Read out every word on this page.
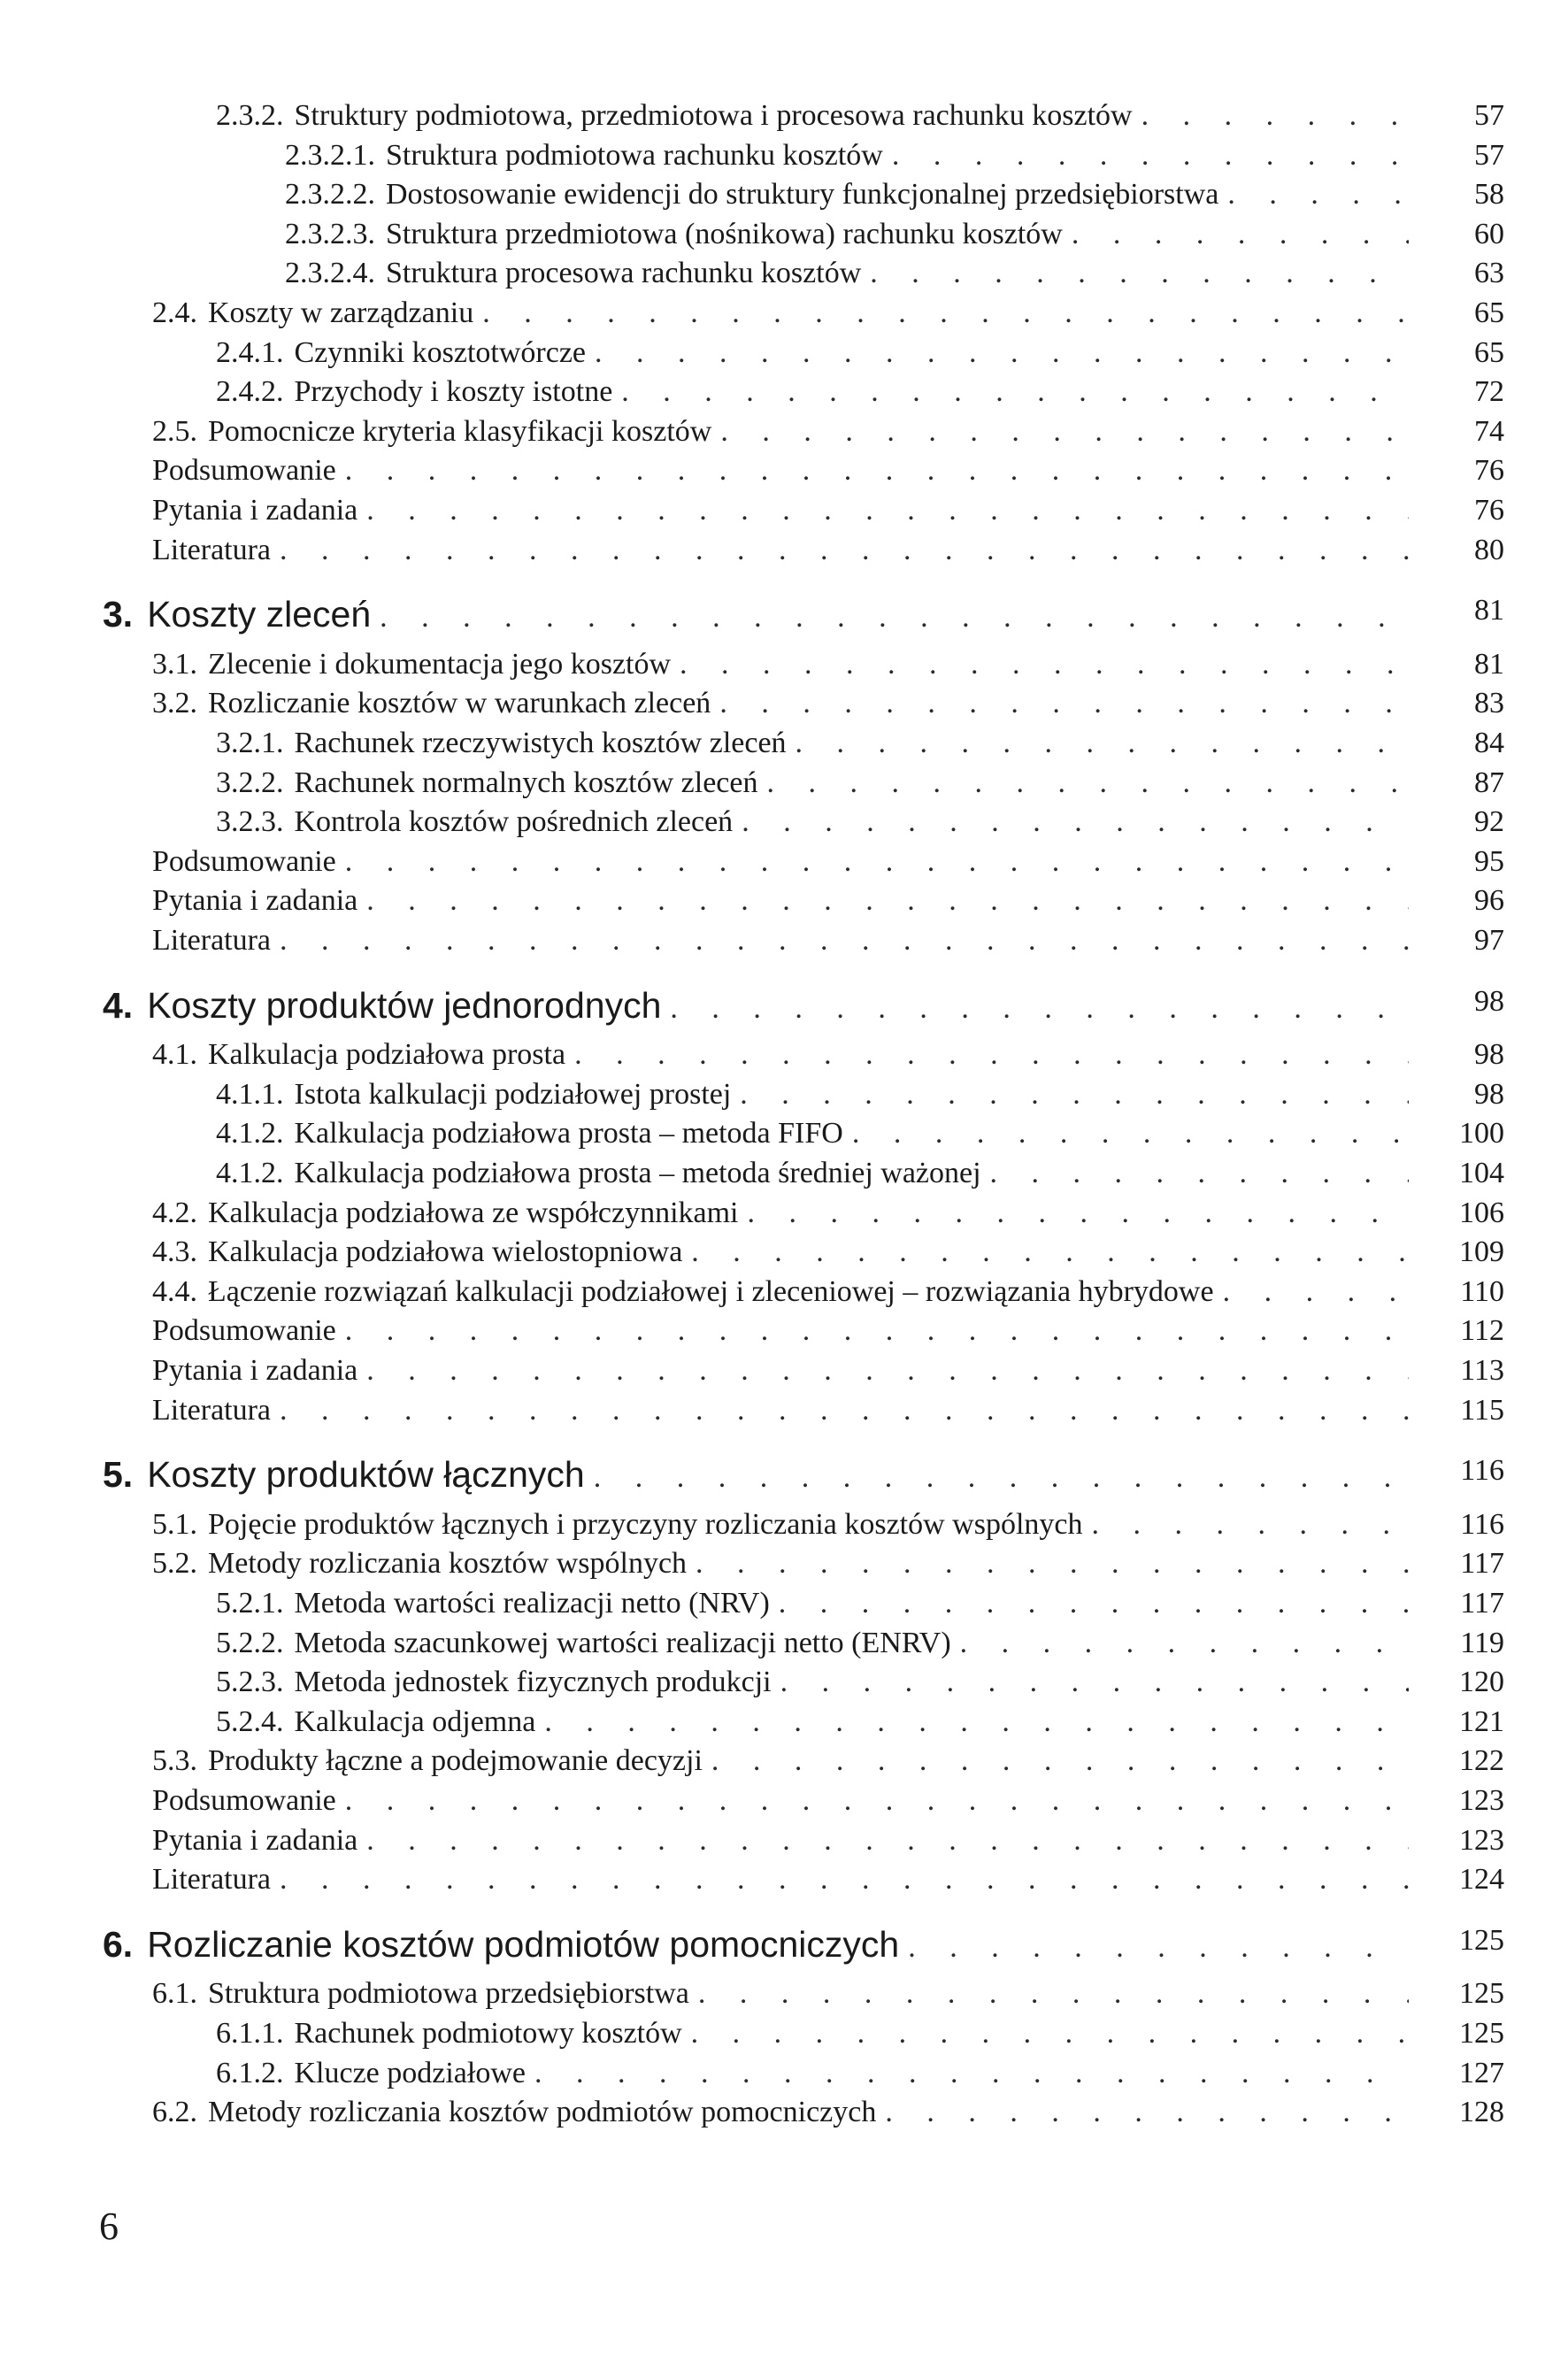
2.3.2. Struktury podmiotowa, przedmiotowa i procesowa rachunku kosztów . . .	57
2.3.2.1. Struktura podmiotowa rachunku kosztów . . .	57
2.3.2.2. Dostosowanie ewidencji do struktury funkcjonalnej przedsiębiorstwa . . .	58
2.3.2.3. Struktura przedmiotowa (nośnikowa) rachunku kosztów . . .	60
2.3.2.4. Struktura procesowa rachunku kosztów . . .	63
2.4. Koszty w zarządzaniu . . .	65
2.4.1. Czynniki kosztotwórcze . . .	65
2.4.2. Przychody i koszty istotne . . .	72
2.5. Pomocnicze kryteria klasyfikacji kosztów . . .	74
Podsumowanie . . .	76
Pytania i zadania . . .	76
Literatura . . .	80
3. Koszty zleceń . . .	81
3.1. Zlecenie i dokumentacja jego kosztów . . .	81
3.2. Rozliczanie kosztów w warunkach zleceń . . .	83
3.2.1. Rachunek rzeczywistych kosztów zleceń . . .	84
3.2.2. Rachunek normalnych kosztów zleceń . . .	87
3.2.3. Kontrola kosztów pośrednich zleceń . . .	92
Podsumowanie . . .	95
Pytania i zadania . . .	96
Literatura . . .	97
4. Koszty produktów jednorodnych . . .	98
4.1. Kalkulacja podziałowa prosta . . .	98
4.1.1. Istota kalkulacji podziałowej prostej . . .	98
4.1.2. Kalkulacja podziałowa prosta – metoda FIFO . . .	100
4.1.2. Kalkulacja podziałowa prosta – metoda średniej ważonej . . .	104
4.2. Kalkulacja podziałowa ze współczynnikami . . .	106
4.3. Kalkulacja podziałowa wielostopniowa . . .	109
4.4. Łączenie rozwiązań kalkulacji podziałowej i zleceniowej – rozwiązania hybrydowe . . .	110
Podsumowanie . . .	112
Pytania i zadania . . .	113
Literatura . . .	115
5. Koszty produktów łącznych . . .	116
5.1. Pojęcie produktów łącznych i przyczyny rozliczania kosztów wspólnych . . .	116
5.2. Metody rozliczania kosztów wspólnych . . .	117
5.2.1. Metoda wartości realizacji netto (NRV) . . .	117
5.2.2. Metoda szacunkowej wartości realizacji netto (ENRV) . . .	119
5.2.3. Metoda jednostek fizycznych produkcji . . .	120
5.2.4. Kalkulacja odjemna . . .	121
5.3. Produkty łączne a podejmowanie decyzji . . .	122
Podsumowanie . . .	123
Pytania i zadania . . .	123
Literatura . . .	124
6. Rozliczanie kosztów podmiotów pomocniczych . . .	125
6.1. Struktura podmiotowa przedsiębiorstwa . . .	125
6.1.1. Rachunek podmiotowy kosztów . . .	125
6.1.2. Klucze podziałowe . . .	127
6.2. Metody rozliczania kosztów podmiotów pomocniczych . . .	128
6
